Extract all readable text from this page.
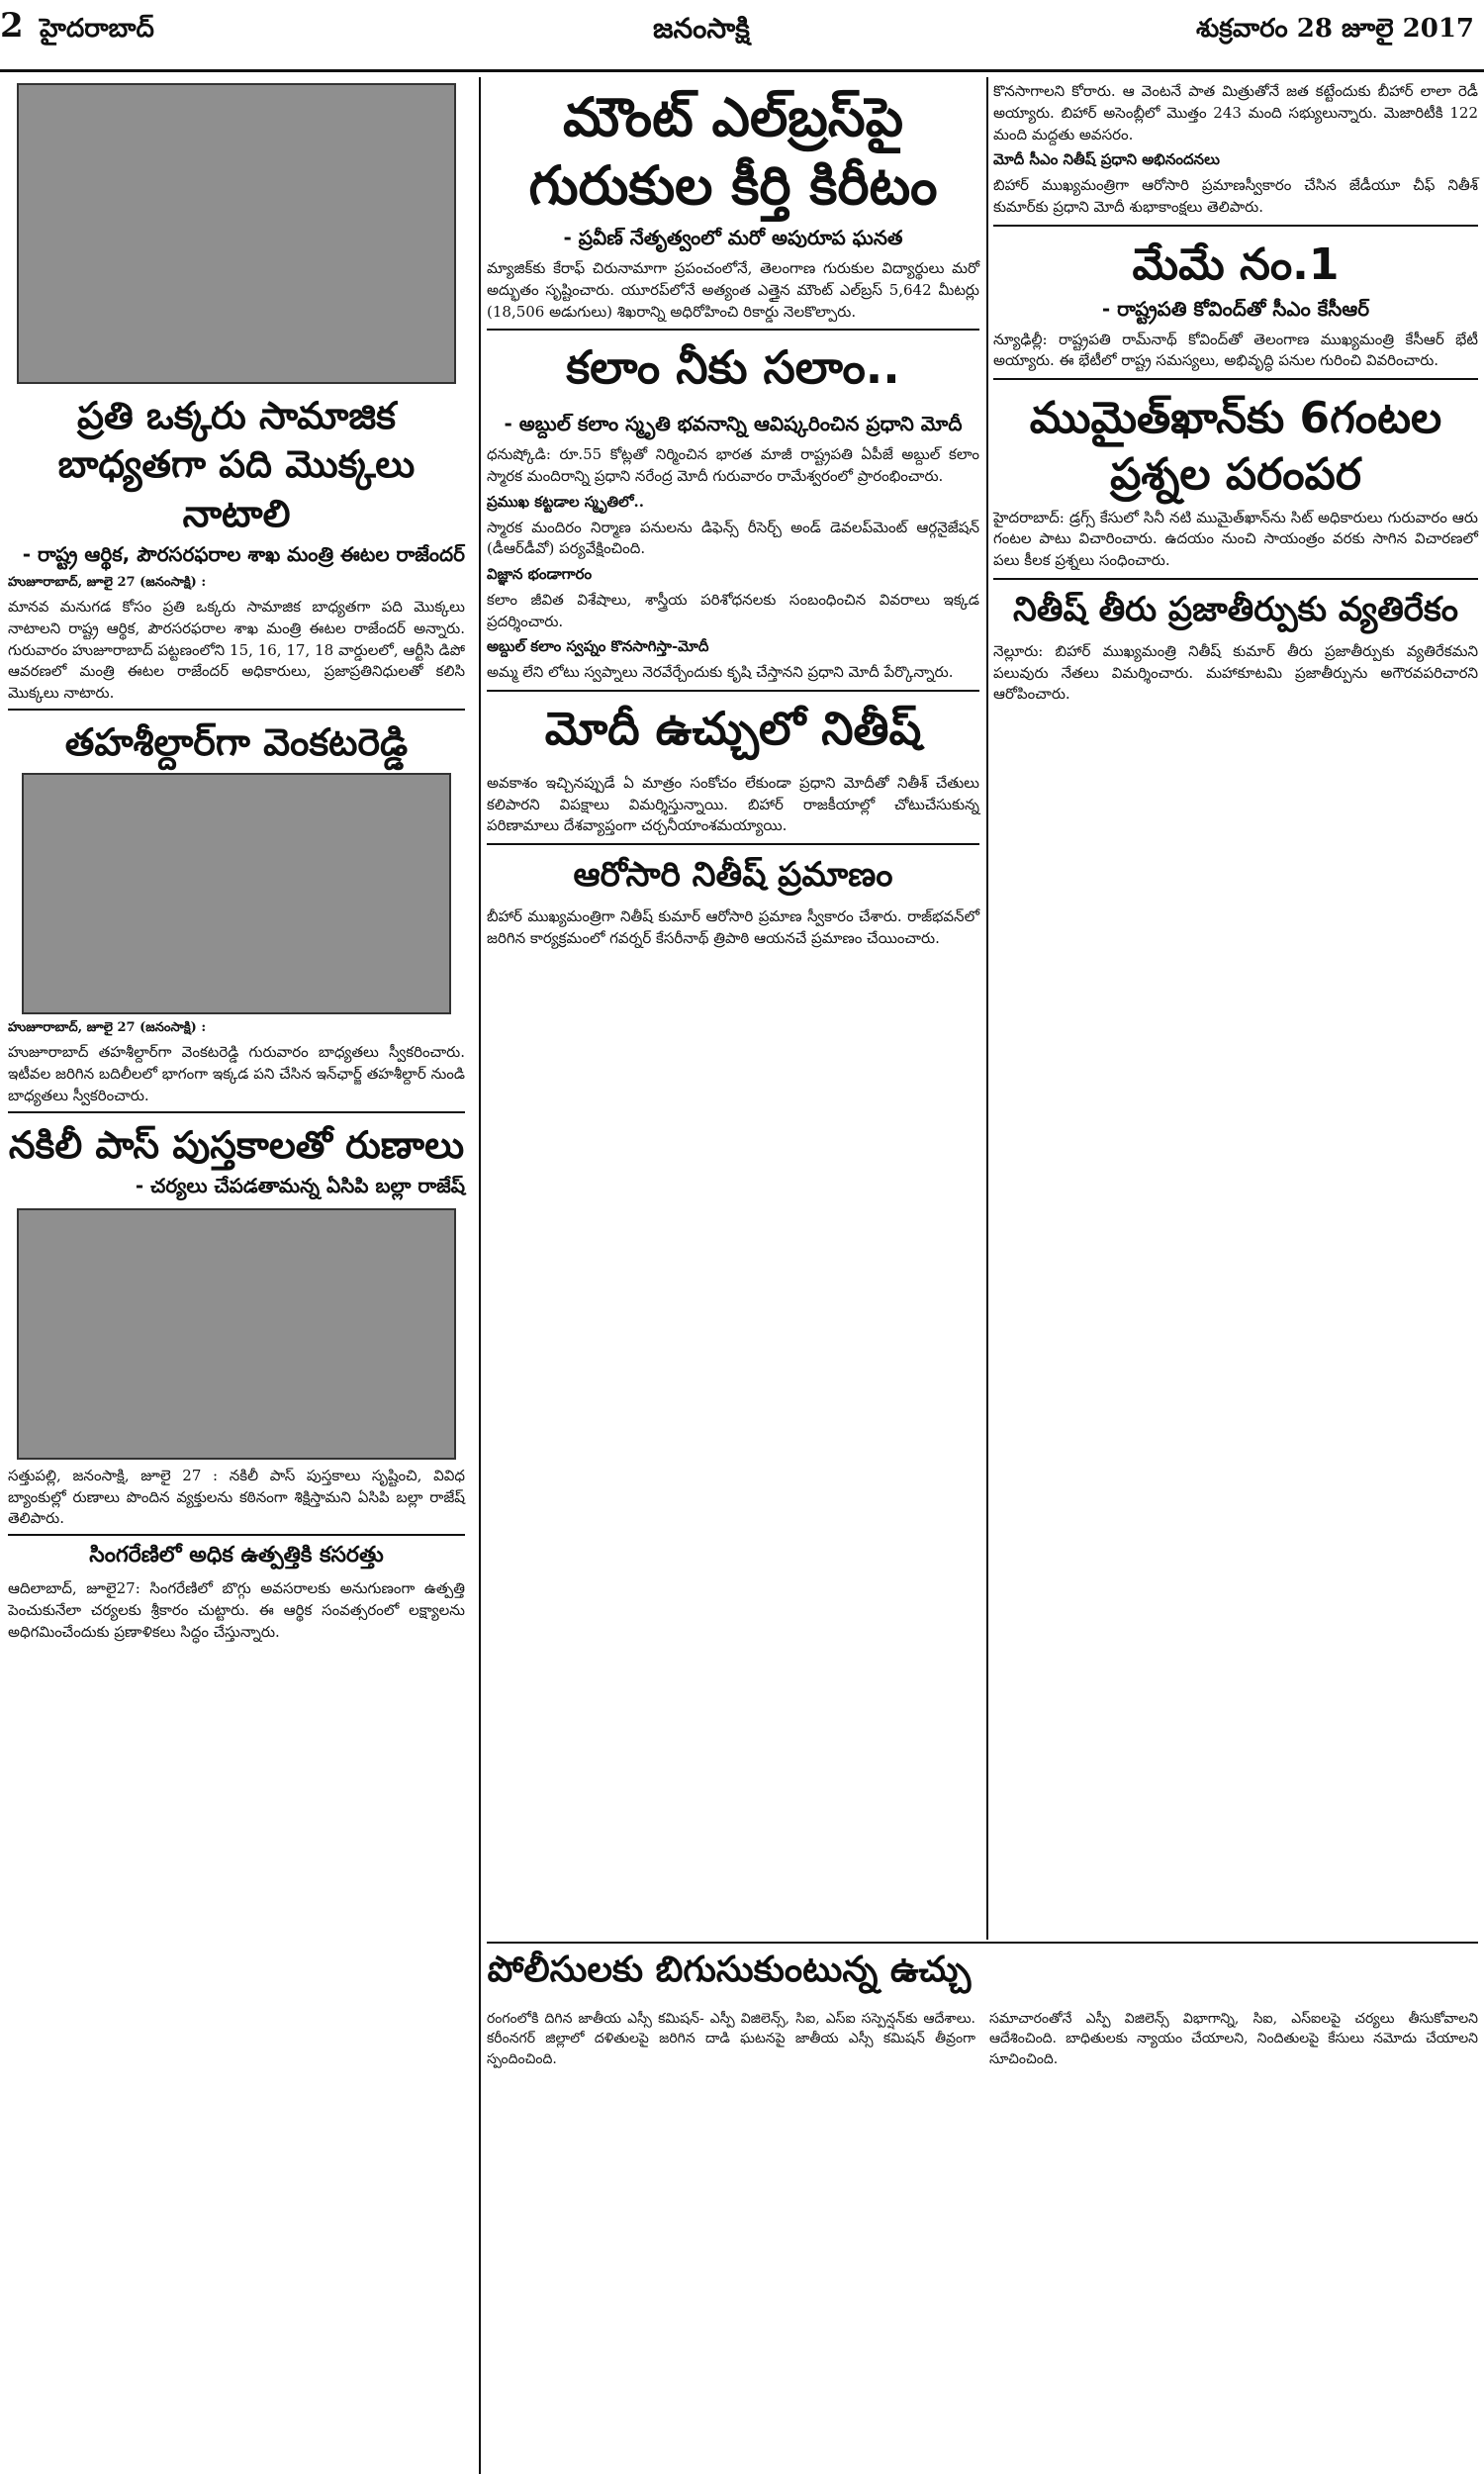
2 హైదరాబాద్	జనంసాక్షి	శుక్రవారం 28 జూలై 2017
ప్రతి ఒక్కరు సామాజిక బాధ్యతగా పది మొక్కలు నాటాలి
- రాష్ట్ర ఆర్థిక, పౌరసరఫరాల శాఖ మంత్రి ఈటల రాజేందర్
హుజూరాబాద్, జూలై 27 (జనంసాక్షి) :
మానవ మనుగడ కోసం ప్రతి ఒక్కరు సామాజిక బాధ్యతగా పది మొక్కలు నాటాలని రాష్ట్ర ఆర్థిక, పౌరసరఫరాల శాఖ మంత్రి ఈటల రాజేందర్ అన్నారు. గురువారం హుజూరాబాద్ పట్టణంలోని 15, 16, 17, 18 వార్డులలో, ఆర్టీసి డిపో ఆవరణలో మంత్రి ఈటల రాజేందర్ అధికారులు, ప్రజాప్రతినిధులతో కలిసి మొక్కలు నాటారు.
తహశీల్దార్‌గా వెంకటరెడ్డి
హుజూరాబాద్, జూలై 27 (జనంసాక్షి) :
హుజూరాబాద్ తహశీల్దార్‌గా వెంకటరెడ్డి గురువారం బాధ్యతలు స్వీకరించారు. ఇటీవల జరిగిన బదిలీలలో భాగంగా ఇక్కడ పని చేసిన ఇన్‌ఛార్జ్ తహశీల్దార్ నుండి బాధ్యతలు స్వీకరించారు.
నకిలీ పాస్ పుస్తకాలతో రుణాలు
- చర్యలు చేపడతామన్న ఏసిపి బల్లా రాజేష్
సత్తుపల్లి, జనంసాక్షి, జూలై 27 : నకిలీ పాస్ పుస్తకాలు సృష్టించి, వివిధ బ్యాంకుల్లో రుణాలు పొందిన వ్యక్తులను కఠినంగా శిక్షిస్తామని ఏసిపి బల్లా రాజేష్ తెలిపారు.
సింగరేణిలో అధిక ఉత్పత్తికి కసరత్తు
ఆదిలాబాద్, జూలై27: సింగరేణిలో బొగ్గు అవసరాలకు అనుగుణంగా ఉత్పత్తి పెంచుకునేలా చర్యలకు శ్రీకారం చుట్టారు. ఈ ఆర్థిక సంవత్సరంలో లక్ష్యాలను అధిగమించేందుకు ప్రణాళికలు సిద్ధం చేస్తున్నారు.
మౌంట్ ఎల్‌బ్రస్‌పై గురుకుల కీర్తి కిరీటం
- ప్రవీణ్ నేతృత్వంలో మరో అపురూప ఘనత
మ్యాజిక్‌కు కేరాఫ్ చిరునామాగా ప్రపంచంలోనే, తెలంగాణ గురుకుల విద్యార్థులు మరో అద్భుతం సృష్టించారు. యూరప్‌లోనే అత్యంత ఎత్తైన మౌంట్ ఎల్‌బ్రస్ 5,642 మీటర్లు (18,506 అడుగులు) శిఖరాన్ని అధిరోహించి రికార్డు నెలకొల్పారు.
కలాం నీకు సలాం..
- అబ్దుల్ కలాం స్మృతి భవనాన్ని ఆవిష్కరించిన ప్రధాని మోదీ
ధనుష్కోడి: రూ.55 కోట్లతో నిర్మించిన భారత మాజీ రాష్ట్రపతి ఏపీజే అబ్దుల్ కలాం స్మారక మందిరాన్ని ప్రధాని నరేంద్ర మోదీ గురువారం రామేశ్వరంలో ప్రారంభించారు.
ప్రముఖ కట్టడాల స్మృతిలో..
స్మారక మందిరం నిర్మాణ పనులను డిఫెన్స్ రీసెర్చ్ అండ్ డెవలప్‌మెంట్ ఆర్గనైజేషన్ (డీఆర్‌డీవో) పర్యవేక్షించింది.
విజ్ఞాన భండాగారం
కలాం జీవిత విశేషాలు, శాస్త్రీయ పరిశోధనలకు సంబంధించిన వివరాలు ఇక్కడ ప్రదర్శించారు.
అబ్దుల్ కలాం స్వప్నం కొనసాగిస్తా-మోదీ
అమ్మ లేని లోటు స్వప్నాలు నెరవేర్చేందుకు కృషి చేస్తానని ప్రధాని మోదీ పేర్కొన్నారు.
మోదీ ఉచ్చులో నితీష్
అవకాశం ఇచ్చినప్పుడే ఏ మాత్రం సంకోచం లేకుండా ప్రధాని మోదీతో నితీశ్ చేతులు కలిపారని విపక్షాలు విమర్శిస్తున్నాయి. బిహార్ రాజకీయాల్లో చోటుచేసుకున్న పరిణామాలు దేశవ్యాప్తంగా చర్చనీయాంశమయ్యాయి.
ఆరోసారి నితీష్ ప్రమాణం
బీహార్ ముఖ్యమంత్రిగా నితీష్ కుమార్ ఆరోసారి ప్రమాణ స్వీకారం చేశారు. రాజ్‌భవన్‌లో జరిగిన కార్యక్రమంలో గవర్నర్ కేసరీనాథ్ త్రిపాఠి ఆయనచే ప్రమాణం చేయించారు.
కొనసాగాలని కోరారు. ఆ వెంటనే పాత మిత్రుతోనే జత కట్టేందుకు బీహార్ లాలా రెడీ అయ్యారు. బిహార్ అసెంబ్లీలో మొత్తం 243 మంది సభ్యులున్నారు. మెజారిటీకి 122 మంది మద్దతు అవసరం.
మోదీ సీఎం నితీష్ ప్రధాని అభినందనలు
బిహార్ ముఖ్యమంత్రిగా ఆరోసారి ప్రమాణస్వీకారం చేసిన జేడీయూ చీఫ్ నితీశ్ కుమార్‌కు ప్రధాని మోదీ శుభాకాంక్షలు తెలిపారు.
మేమే నం.1
- రాష్ట్రపతి కోవింద్‌తో సీఎం కేసీఆర్
న్యూఢిల్లీ: రాష్ట్రపతి రామ్‌నాథ్ కోవింద్‌తో తెలంగాణ ముఖ్యమంత్రి కేసీఆర్ భేటీ అయ్యారు. ఈ భేటీలో రాష్ట్ర సమస్యలు, అభివృద్ధి పనుల గురించి వివరించారు.
ముమైత్‌ఖాన్‌కు 6గంటల ప్రశ్నల పరంపర
హైదరాబాద్: డ్రగ్స్ కేసులో సినీ నటి ముమైత్‌ఖాన్‌ను సిట్ అధికారులు గురువారం ఆరు గంటల పాటు విచారించారు. ఉదయం నుంచి సాయంత్రం వరకు సాగిన విచారణలో పలు కీలక ప్రశ్నలు సంధించారు.
నితీష్ తీరు ప్రజాతీర్పుకు వ్యతిరేకం
నెల్లూరు: బిహార్ ముఖ్యమంత్రి నితీష్ కుమార్ తీరు ప్రజాతీర్పుకు వ్యతిరేకమని పలువురు నేతలు విమర్శించారు. మహాకూటమి ప్రజాతీర్పును అగౌరవపరిచారని ఆరోపించారు.
పోలీసులకు బిగుసుకుంటున్న ఉచ్చు
రంగంలోకి దిగిన జాతీయ ఎస్సీ కమిషన్- ఎస్పీ విజిలెన్స్, సిఐ, ఎస్‌ఐ సస్పెన్షన్‌కు ఆదేశాలు. కరీంనగర్ జిల్లాలో దళితులపై జరిగిన దాడి ఘటనపై జాతీయ ఎస్సీ కమిషన్ తీవ్రంగా స్పందించింది.
సమాచారంతోనే ఎస్పీ విజిలెన్స్ విభాగాన్ని, సిఐ, ఎస్‌ఐలపై చర్యలు తీసుకోవాలని ఆదేశించింది. బాధితులకు న్యాయం చేయాలని, నిందితులపై కేసులు నమోదు చేయాలని సూచించింది.
